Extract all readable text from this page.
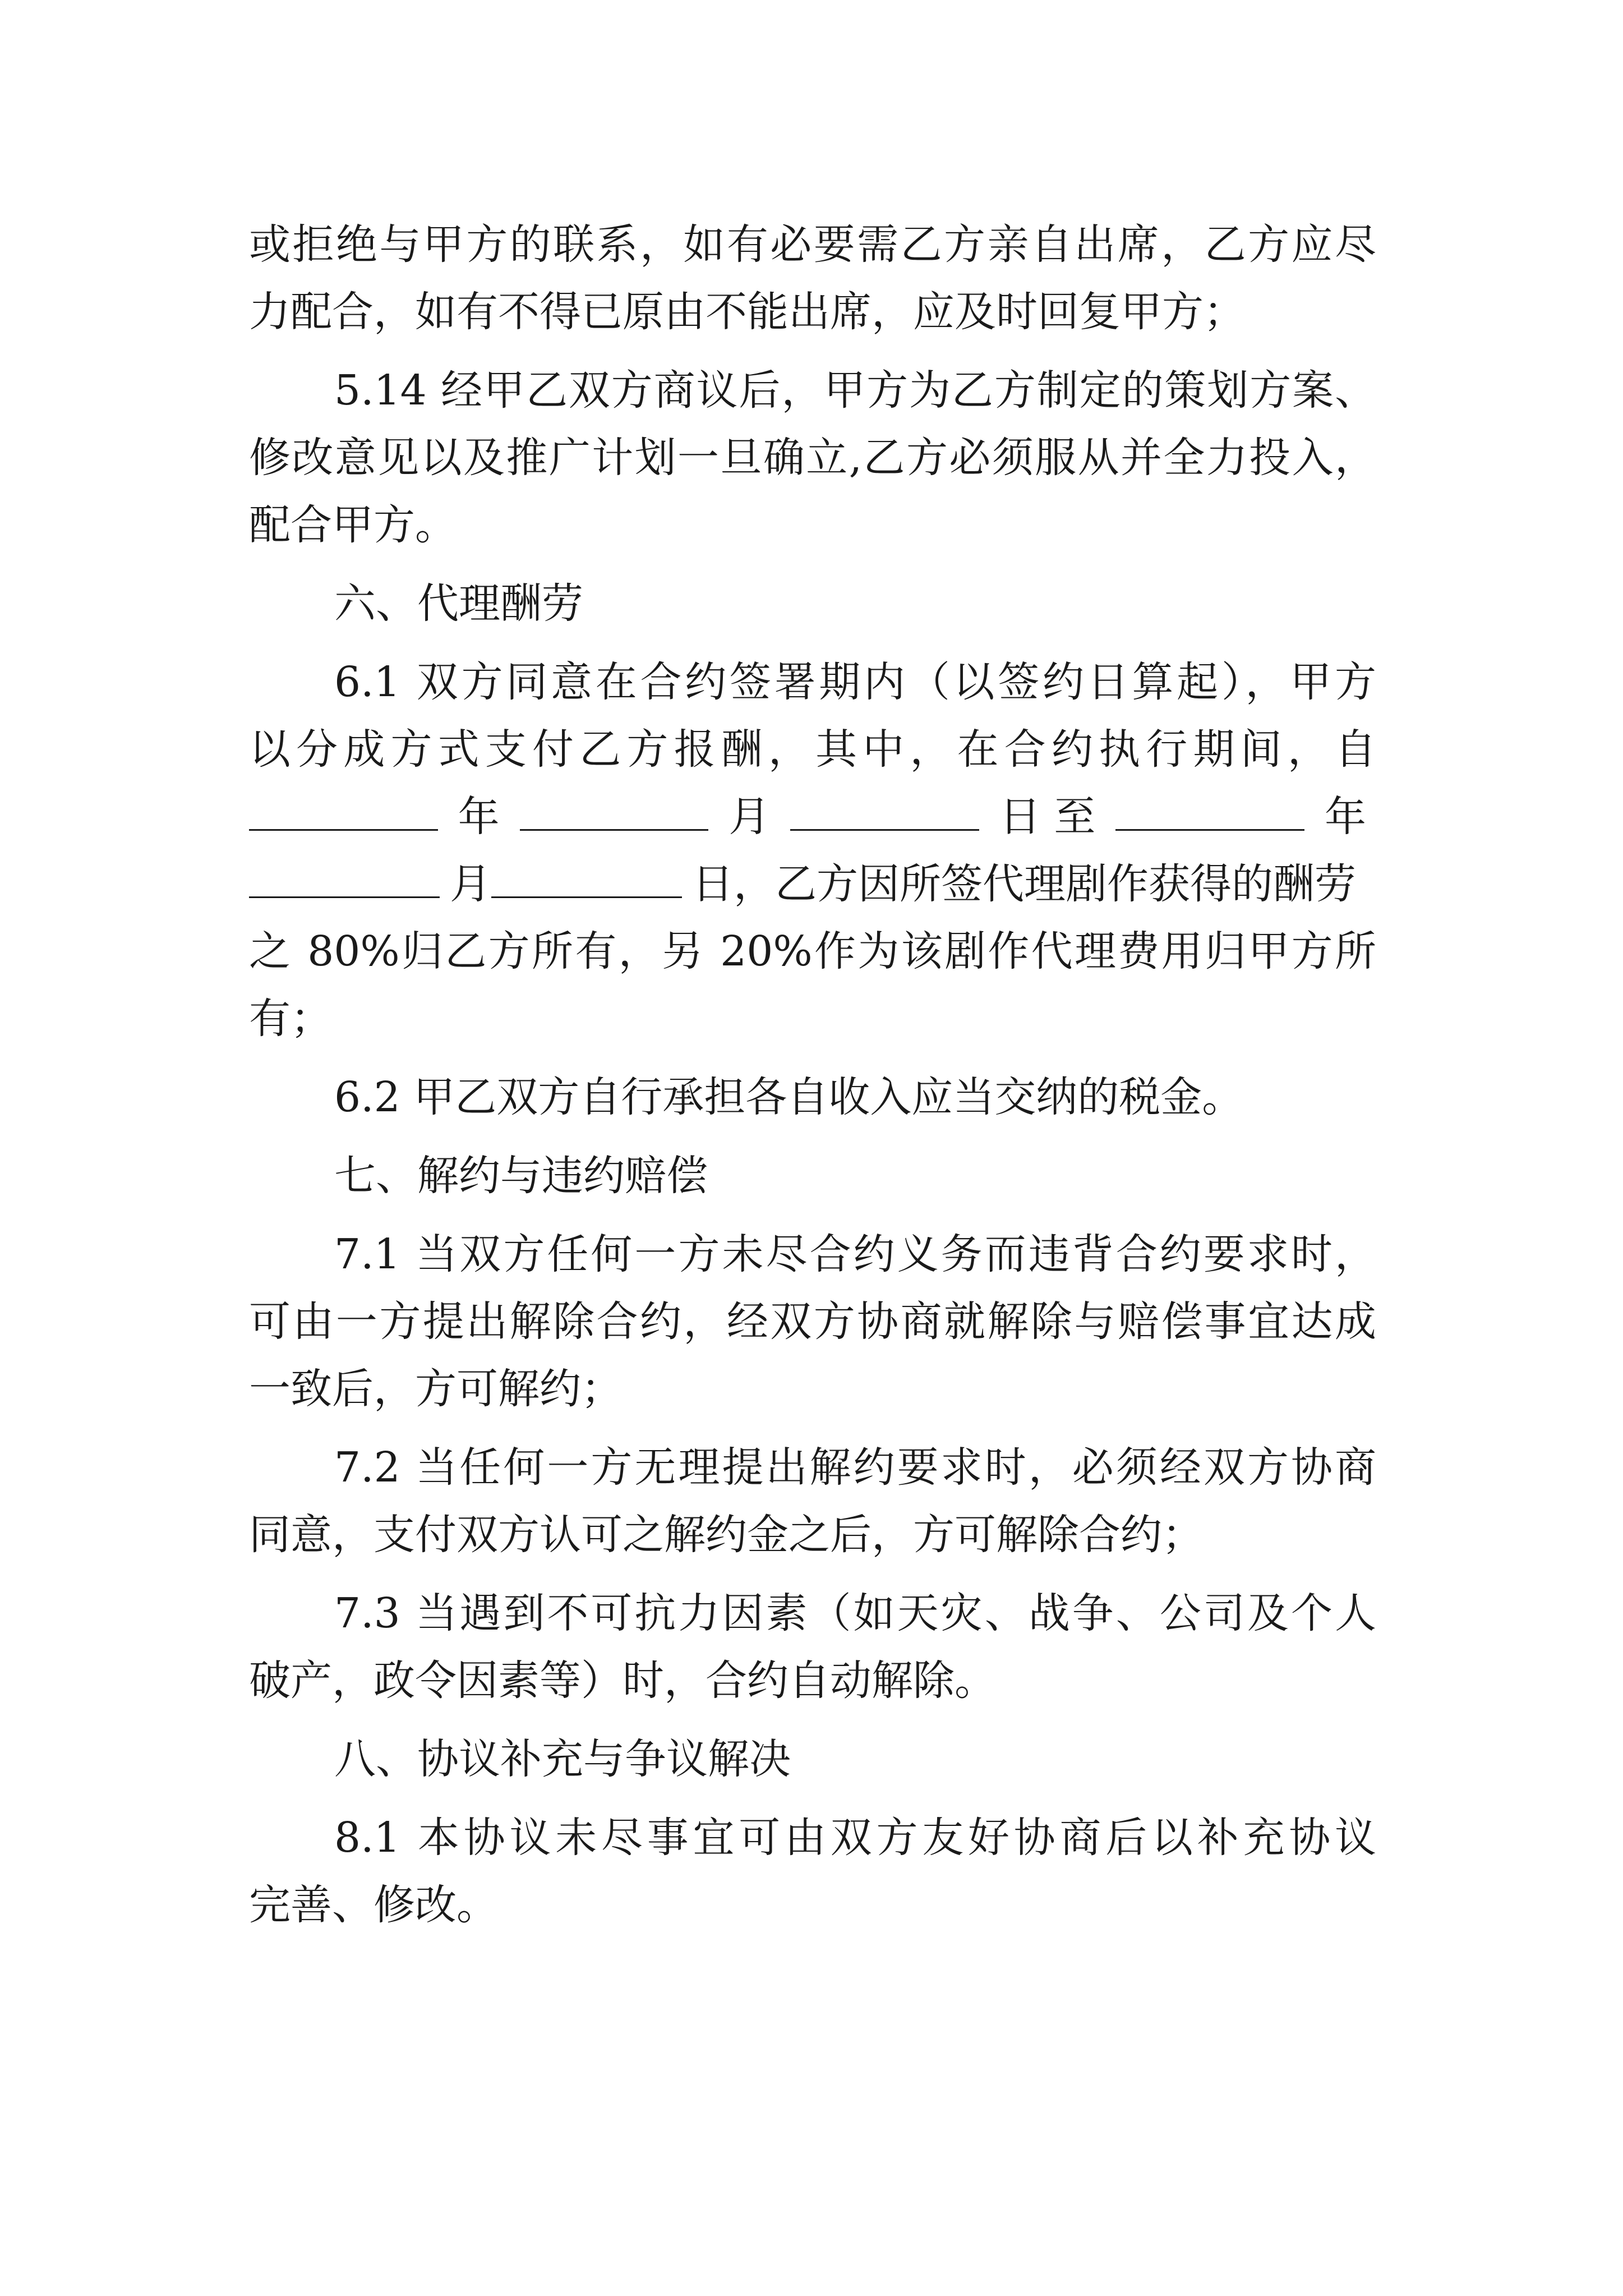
或拒绝与甲方的联系，如有必要需乙方亲自出席，乙方应尽
力配合，如有不得已原由不能出席，应及时回复甲方；
5.14 经甲乙双方商议后，甲方为乙方制定的策划方案、
修改意见以及推广计划一旦确立,乙方必须服从并全力投入，
配合甲方。
六、代理酬劳
6.1 双方同意在合约签署期内（以签约日算起），甲方
以分成方式支付乙方报酬，其中，在合约执行期间，自
年	月	日 至	年
月	日，乙方因所签代理剧作获得的酬劳
之 80%归乙方所有，另 20%作为该剧作代理费用归甲方所
有；
6.2 甲乙双方自行承担各自收入应当交纳的税金。
七、解约与违约赔偿
7.1 当双方任何一方未尽合约义务而违背合约要求时，
可由一方提出解除合约，经双方协商就解除与赔偿事宜达成
一致后，方可解约；
7.2 当任何一方无理提出解约要求时，必须经双方协商
同意，支付双方认可之解约金之后，方可解除合约；
7.3 当遇到不可抗力因素（如天灾、战争、公司及个人
破产，政令因素等）时，合约自动解除。
八、协议补充与争议解决
8.1 本协议未尽事宜可由双方友好协商后以补充协议
完善、修改。
